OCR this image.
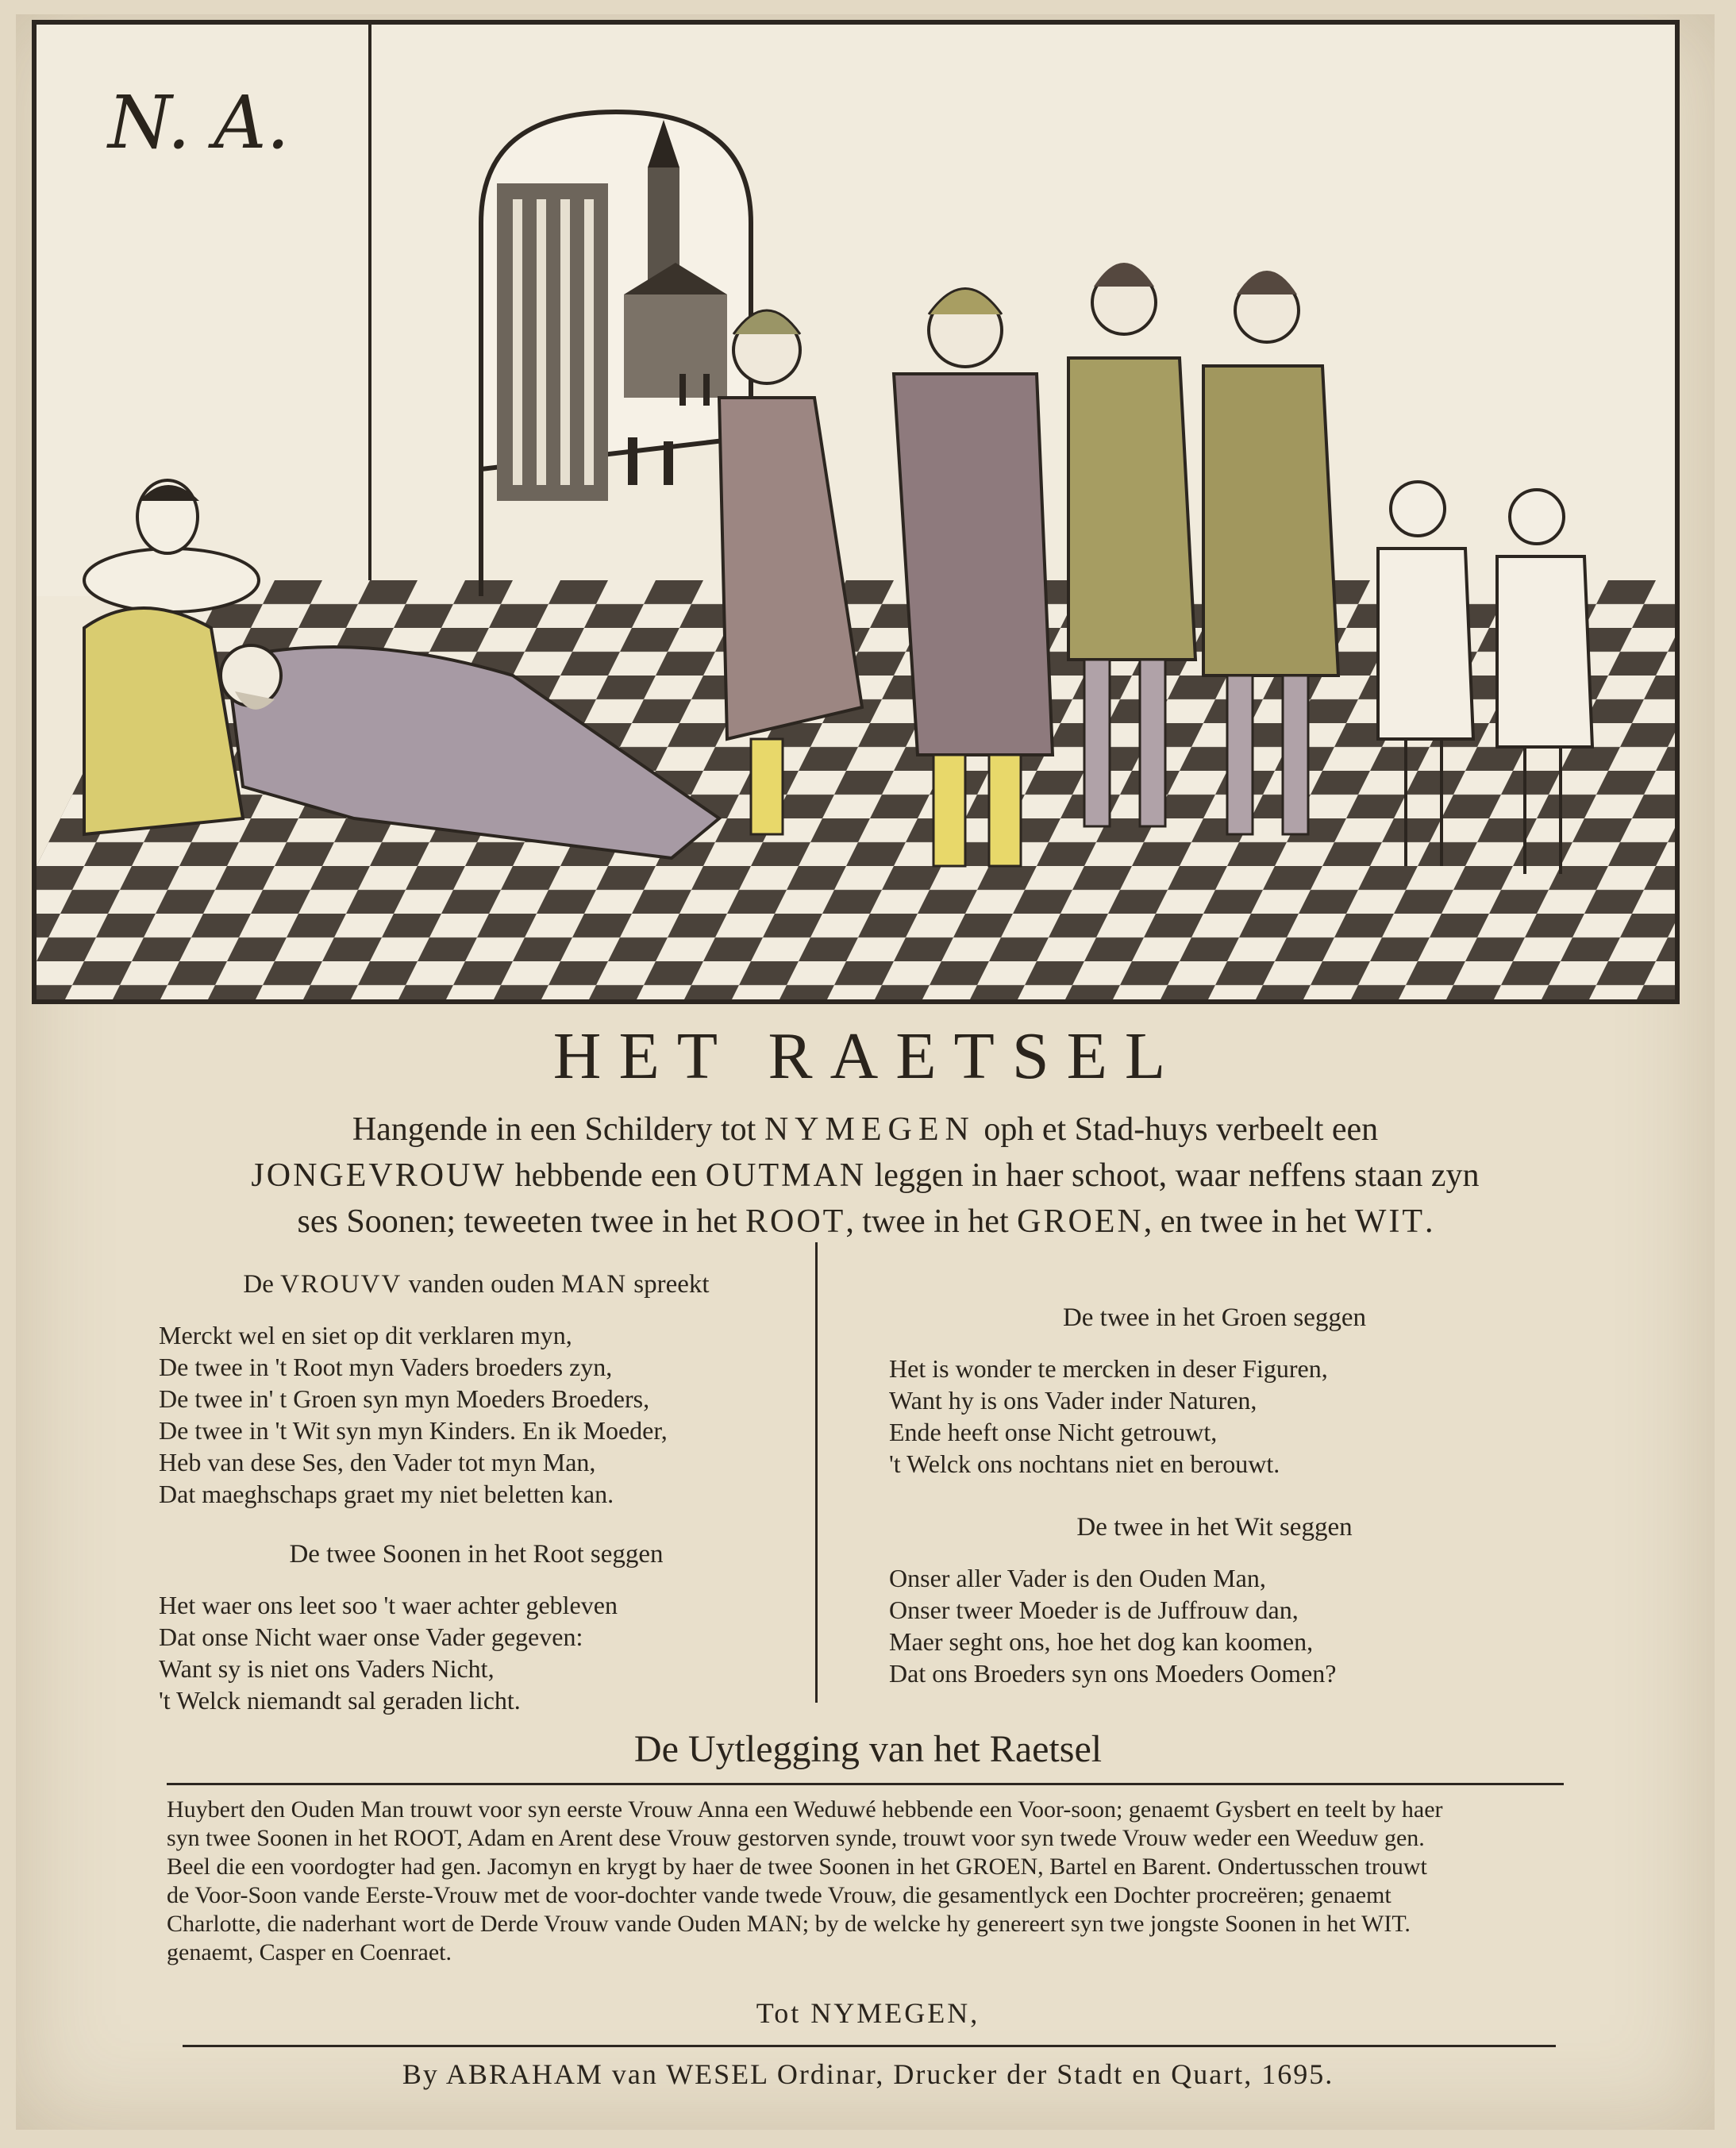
N. A.
HET RAETSEL
Hangende in een Schildery tot NYMEGEN oph et Stad-huys verbeelt een
JONGEVROUW hebbende een OUTMAN leggen in haer schoot, waar neffens staan zyn
ses Soonen; teweeten twee in het ROOT, twee in het GROEN, en twee in het WIT.
De VROUVV vanden ouden MAN spreekt
Merckt wel en siet op dit verklaren myn,
De twee in 't Root myn Vaders broeders zyn,
De twee in' t Groen syn myn Moeders Broeders,
De twee in 't Wit syn myn Kinders. En ik Moeder,
Heb van dese Ses, den Vader tot myn Man,
Dat maeghschaps graet my niet beletten kan.
De twee Soonen in het Root seggen
Het waer ons leet soo 't waer achter gebleven
Dat onse Nicht waer onse Vader gegeven:
Want sy is niet ons Vaders Nicht,
't Welck niemandt sal geraden licht.
De twee in het Groen seggen
Het is wonder te mercken in deser Figuren,
Want hy is ons Vader inder Naturen,
Ende heeft onse Nicht getrouwt,
't Welck ons nochtans niet en berouwt.
De twee in het Wit seggen
Onser aller Vader is den Ouden Man,
Onser tweer Moeder is de Juffrouw dan,
Maer seght ons, hoe het dog kan koomen,
Dat ons Broeders syn ons Moeders Oomen?
De Uytlegging van het Raetsel
Huybert den Ouden Man trouwt voor syn eerste Vrouw Anna een Weduwé hebbende een Voor-soon; genaemt Gysbert en teelt by haer
syn twee Soonen in het ROOT, Adam en Arent dese Vrouw gestorven synde, trouwt voor syn twede Vrouw weder een Weeduw gen.
Beel die een voordogter had gen. Jacomyn en krygt by haer de twee Soonen in het GROEN, Bartel en Barent. Ondertusschen trouwt
de Voor-Soon vande Eerste-Vrouw met de voor-dochter vande twede Vrouw, die gesamentlyck een Dochter procreëren; genaemt
Charlotte, die naderhant wort de Derde Vrouw vande Ouden MAN; by de welcke hy genereert syn twe jongste Soonen in het WIT.
genaemt, Casper en Coenraet.
Tot NYMEGEN,
By ABRAHAM van WESEL Ordinar, Drucker der Stadt en Quart, 1695.
